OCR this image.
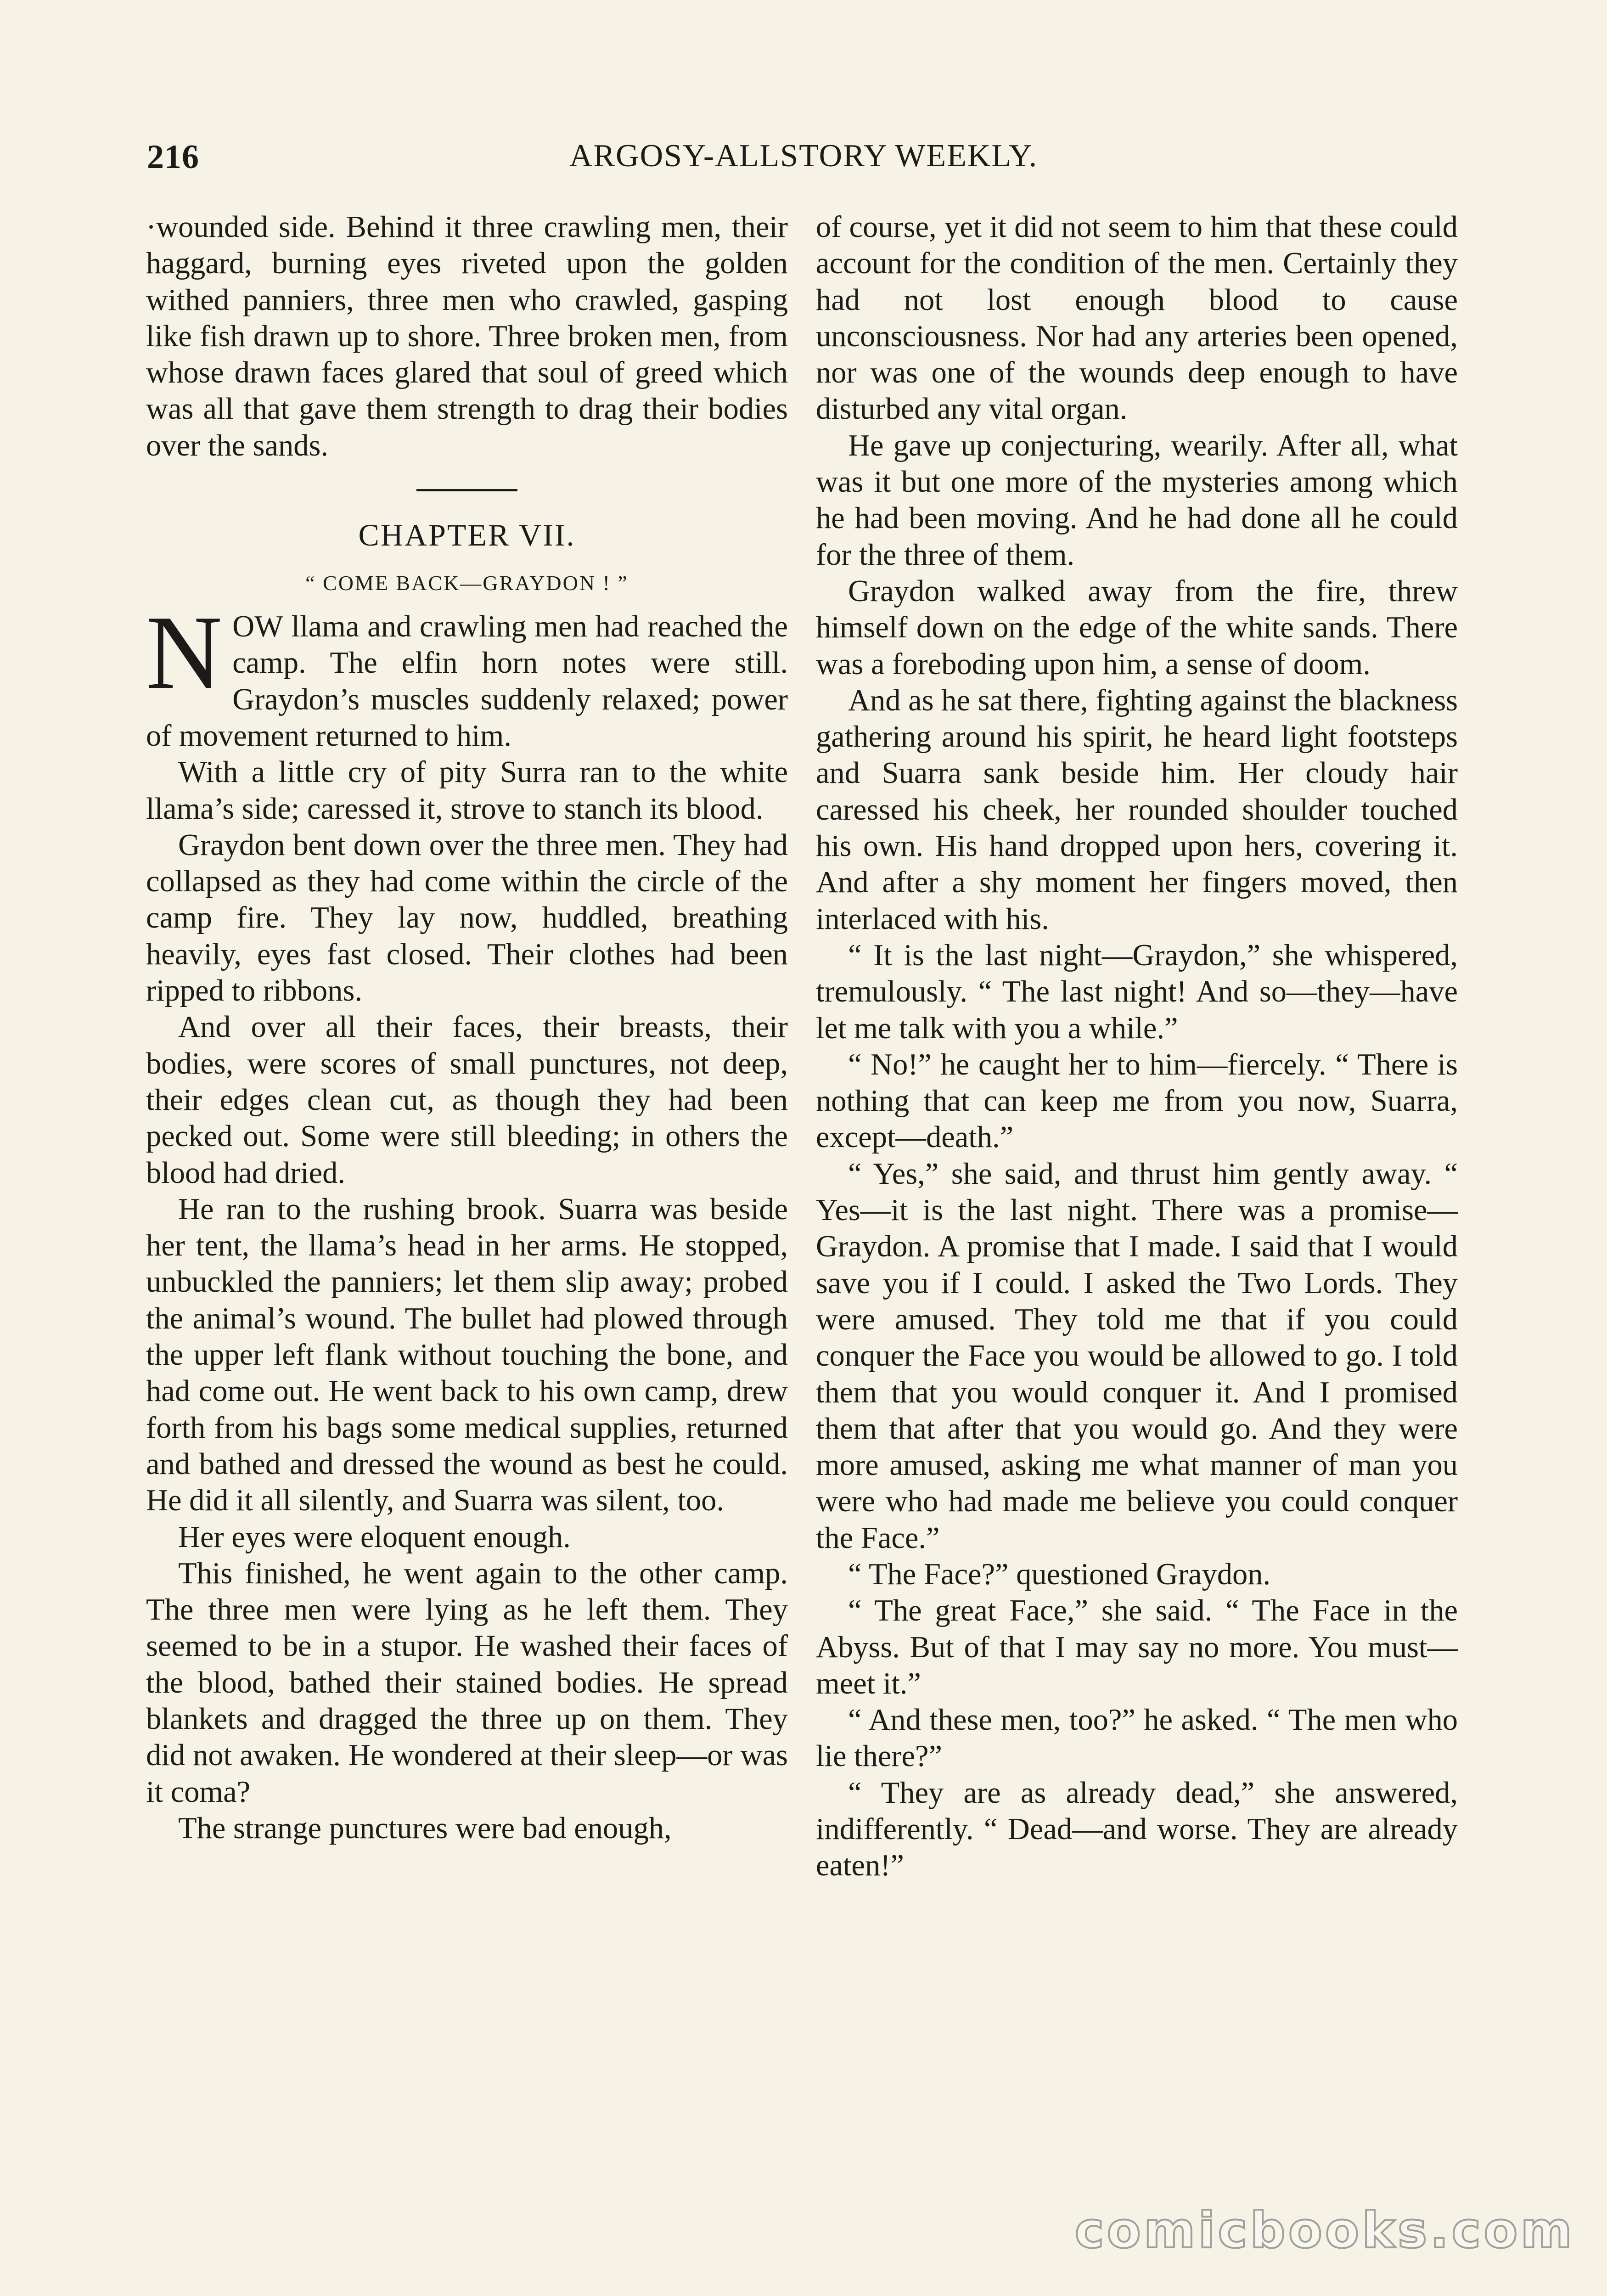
216	ARGOSY-ALLSTORY WEEKLY.

·wounded side. Behind it three crawling men, their haggard, burning eyes riveted upon the golden withed panniers, three men who crawled, gasping like fish drawn up to shore. Three broken men, from whose drawn faces glared that soul of greed which was all that gave them strength to drag their bodies over the sands.

CHAPTER VII.
“ COME BACK—GRAYDON ! ”

NOW llama and crawling men had reached the camp. The elfin horn notes were still. Graydon’s muscles suddenly relaxed; power of movement returned to him.

With a little cry of pity Surra ran to the white llama’s side; caressed it, strove to stanch its blood.

Graydon bent down over the three men. They had collapsed as they had come within the circle of the camp fire. They lay now, huddled, breathing heavily, eyes fast closed. Their clothes had been ripped to ribbons.

And over all their faces, their breasts, their bodies, were scores of small punctures, not deep, their edges clean cut, as though they had been pecked out. Some were still bleeding; in others the blood had dried.

He ran to the rushing brook. Suarra was beside her tent, the llama’s head in her arms. He stopped, unbuckled the panniers; let them slip away; probed the animal’s wound. The bullet had plowed through the upper left flank without touching the bone, and had come out. He went back to his own camp, drew forth from his bags some medical supplies, returned and bathed and dressed the wound as best he could. He did it all silently, and Suarra was silent, too.

Her eyes were eloquent enough.

This finished, he went again to the other camp. The three men were lying as he left them. They seemed to be in a stupor. He washed their faces of the blood, bathed their stained bodies. He spread blankets and dragged the three up on them. They did not awaken. He wondered at their sleep—or was it coma?

The strange punctures were bad enough,

of course, yet it did not seem to him that these could account for the condition of the men. Certainly they had not lost enough blood to cause unconsciousness. Nor had any arteries been opened, nor was one of the wounds deep enough to have disturbed any vital organ.

He gave up conjecturing, wearily. After all, what was it but one more of the mysteries among which he had been moving. And he had done all he could for the three of them.

Graydon walked away from the fire, threw himself down on the edge of the white sands. There was a foreboding upon him, a sense of doom.

And as he sat there, fighting against the blackness gathering around his spirit, he heard light footsteps and Suarra sank beside him. Her cloudy hair caressed his cheek, her rounded shoulder touched his own. His hand dropped upon hers, covering it. And after a shy moment her fingers moved, then interlaced with his.

“ It is the last night—Graydon,” she whispered, tremulously. “ The last night! And so—they—have let me talk with you a while.”

“ No!” he caught her to him—fiercely. “ There is nothing that can keep me from you now, Suarra, except—death.”

“ Yes,” she said, and thrust him gently away. “ Yes—it is the last night. There was a promise—Graydon. A promise that I made. I said that I would save you if I could. I asked the Two Lords. They were amused. They told me that if you could conquer the Face you would be allowed to go. I told them that you would conquer it. And I promised them that after that you would go. And they were more amused, asking me what manner of man you were who had made me believe you could conquer the Face.”

“ The Face?” questioned Graydon.

“ The great Face,” she said. “ The Face in the Abyss. But of that I may say no more. You must—meet it.”

“ And these men, too?” he asked. “ The men who lie there?”

“ They are as already dead,” she answered, indifferently. “ Dead—and worse. They are already eaten!”

comicbooks.com
